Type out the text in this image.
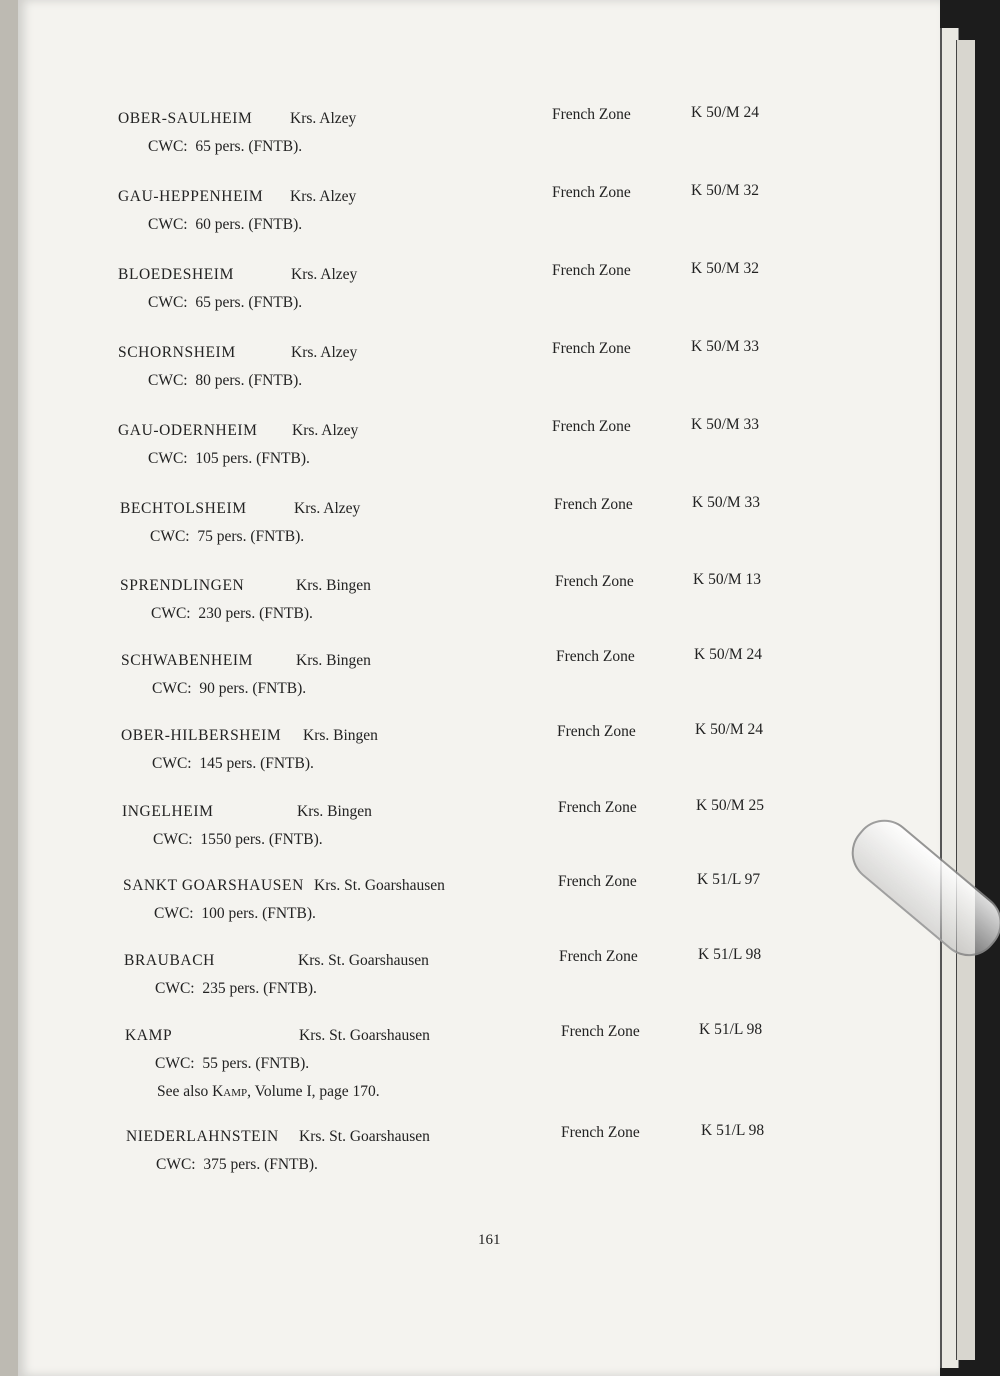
OBER-SAULHEIM Krs. Alzey	French Zone	K 50/M 24
CWC: 65 pers. (FNTB).
GAU-HEPPENHEIM Krs. Alzey	French Zone	K 50/M 32
CWC: 60 pers. (FNTB).
BLOEDESHEIM	Krs. Alzey	French Zone	K 50/M 32
CWC: 65 pers. (FNTB).
SCHORNSHEIM	Krs. Alzey	French Zone	K 50/M 33
CWC: 80 pers. (FNTB).
GAU-ODERNHEIM Krs. Alzey	French Zone	K 50/M 33
CWC: 105 pers. (FNTB).
BECHTOLSHEIM	Krs. Alzey	French Zone	K 50/M 33
CWC: 75 pers. (FNTB).
SPRENDLINGEN	Krs. Bingen	French Zone	K 50/M 13
CWC: 230 pers. (FNTB).
SCHWABENHEIM	Krs. Bingen	French Zone	K 50/M 24
CWC: 90 pers. (FNTB).
OBER-HILBERSHEIM Krs. Bingen	French Zone	K 50/M 24
CWC: 145 pers. (FNTB).
INGELHEIM	Krs. Bingen	French Zone	K 50/M 25
CWC: 1550 pers. (FNTB).
SANKT GOARSHAUSEN Krs. St. Goarshausen	French Zone	K 51/L 97
CWC: 100 pers. (FNTB).
BRAUBACH	Krs. St. Goarshausen	French Zone	K 51/L 98
CWC: 235 pers. (FNTB).
KAMP	Krs. St. Goarshausen	French Zone	K 51/L 98
CWC: 55 pers. (FNTB).
See also Kamp, Volume I, page 170.
NIEDERLAHNSTEIN Krs. St. Goarshausen	French Zone	K 51/L 98
CWC: 375 pers. (FNTB).
161
